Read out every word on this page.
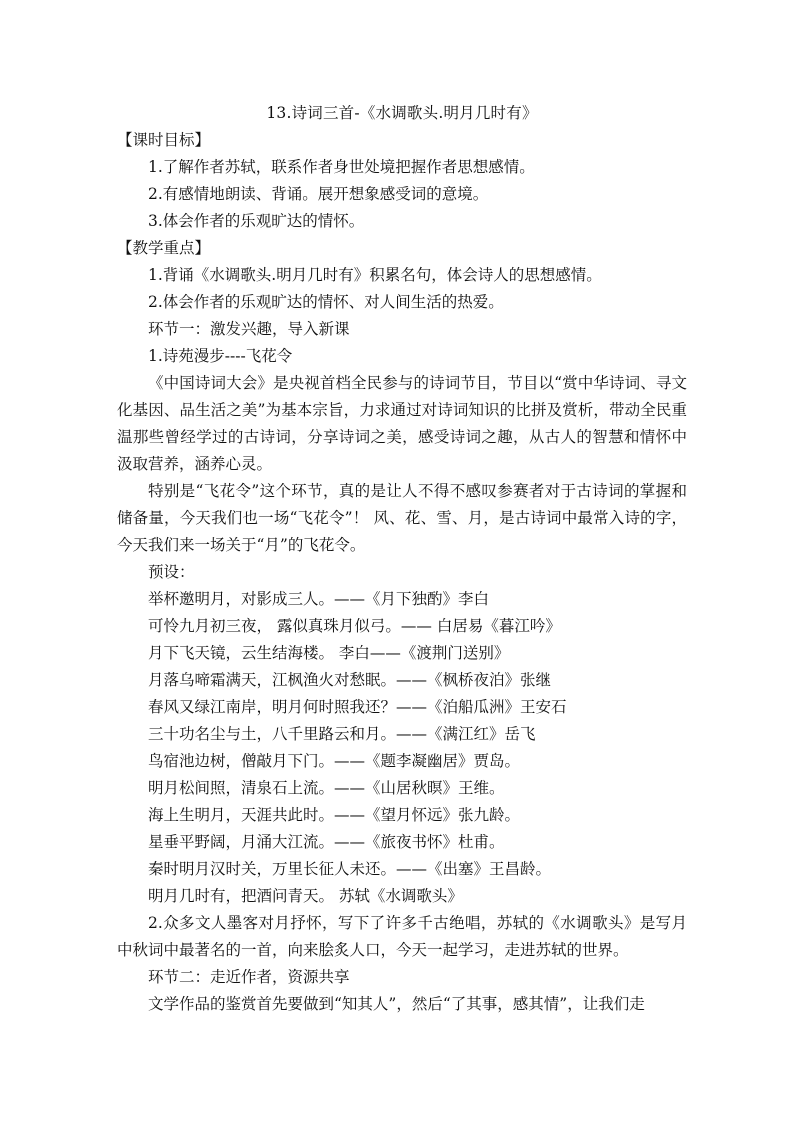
13.诗词三首-《水调歌头.明月几时有》

【课时目标】

1.了解作者苏轼，联系作者身世处境把握作者思想感情。

2.有感情地朗读、背诵。展开想象感受词的意境。

3.体会作者的乐观旷达的情怀。

【教学重点】

1.背诵《水调歌头.明月几时有》积累名句，体会诗人的思想感情。

2.体会作者的乐观旷达的情怀、对人间生活的热爱。

环节一：激发兴趣，导入新课

1.诗苑漫步----飞花令

《中国诗词大会》是央视首档全民参与的诗词节目，节目以“赏中华诗词、寻文化基因、品生活之美”为基本宗旨，力求通过对诗词知识的比拼及赏析，带动全民重温那些曾经学过的古诗词，分享诗词之美，感受诗词之趣，从古人的智慧和情怀中汲取营养，涵养心灵。

特别是“飞花令”这个环节，真的是让人不得不感叹参赛者对于古诗词的掌握和储备量，今天我们也一场“飞花令”！ 风、花、雪、月，是古诗词中最常入诗的字，今天我们来一场关于“月”的飞花令。

预设：

举杯邀明月，对影成三人。——《月下独酌》李白

可怜九月初三夜， 露似真珠月似弓。—— 白居易《暮江吟》

月下飞天镜，云生结海楼。 李白——《渡荆门送别》

月落乌啼霜满天，江枫渔火对愁眠。——《枫桥夜泊》张继

春风又绿江南岸，明月何时照我还？——《泊船瓜洲》王安石

三十功名尘与土，八千里路云和月。——《满江红》岳飞

鸟宿池边树，僧敲月下门。——《题李凝幽居》贾岛。

明月松间照，清泉石上流。——《山居秋暝》王维。

海上生明月，天涯共此时。——《望月怀远》张九龄。

星垂平野阔，月涌大江流。——《旅夜书怀》杜甫。

秦时明月汉时关，万里长征人未还。——《出塞》王昌龄。

明月几时有，把酒问青天。 苏轼《水调歌头》

2.众多文人墨客对月抒怀，写下了许多千古绝唱，苏轼的《水调歌头》是写月中秋词中最著名的一首，向来脍炙人口，今天一起学习，走进苏轼的世界。

环节二：走近作者，资源共享

文学作品的鉴赏首先要做到“知其人”，然后“了其事，感其情”，让我们走
